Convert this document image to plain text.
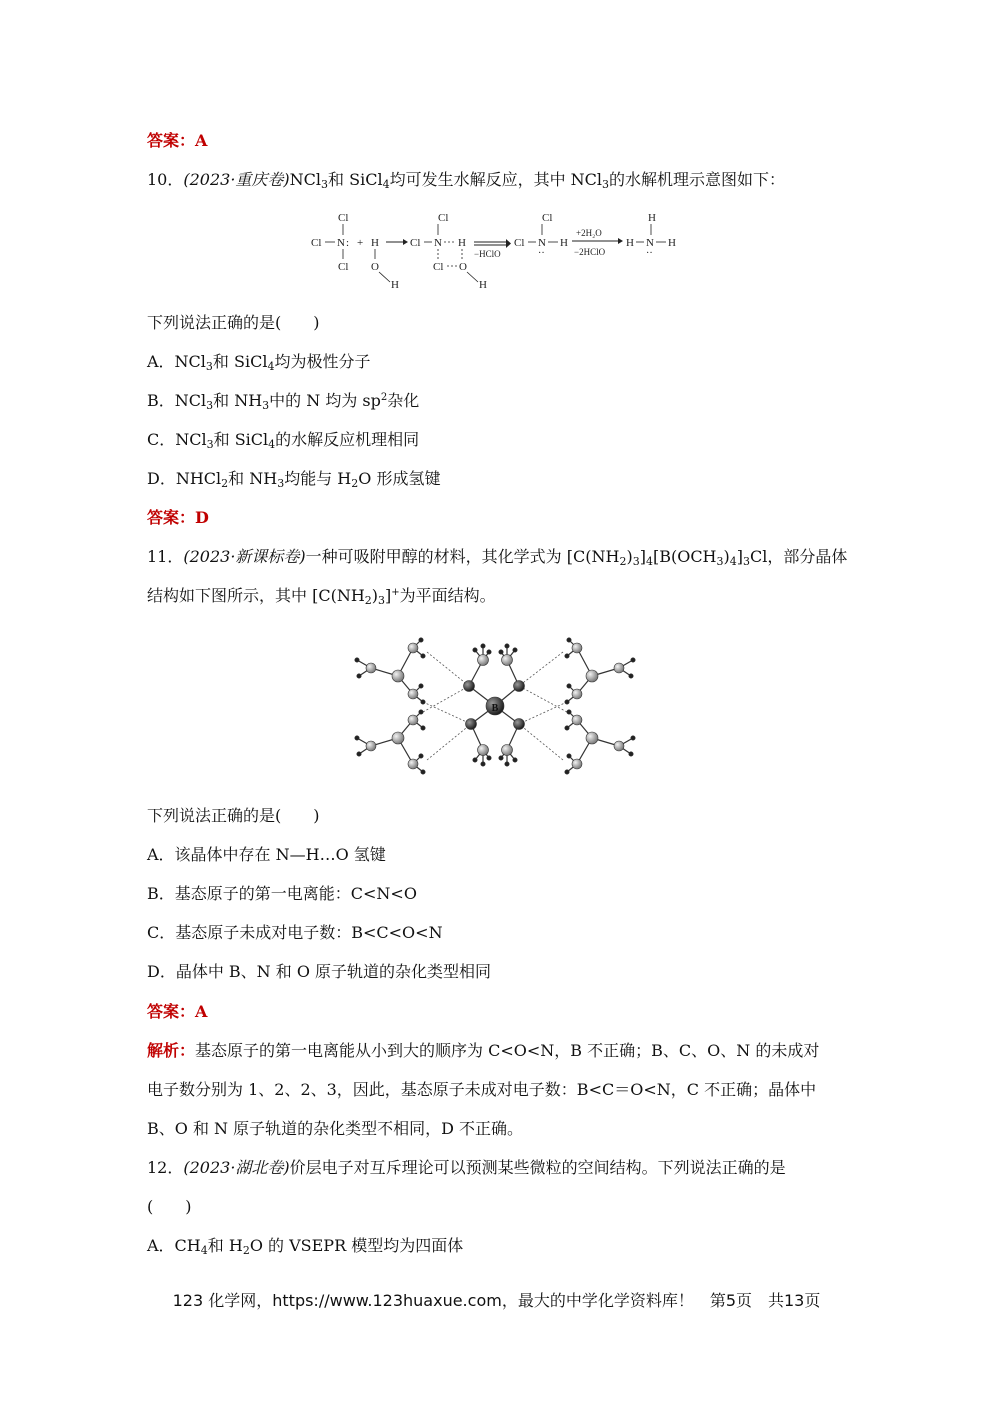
答案：A
10．(2023·重庆卷)NCl$_3$和 SiCl$_4$均可发生水解反应，其中 NCl$_3$的水解机理示意图如下：
Cl
Cl N :
Cl
+ H
O
H
Cl N
Cl
H
Cl O
H
−HClO
Cl N
Cl
H
··
+2H₂O
−2HClO
H N
H
H
··
下列说法正确的是(　　)
A．NCl$_3$和 SiCl$_4$均为极性分子
B．NCl$_3$和 $NH_3$中的 N 均为 $sp^2$杂化
C．NCl$_3$和 SiCl$_4$的水解反应机理相同
D．NHCl$_2$和 $NH_3$均能与 $H_2O$ 形成氢键
答案：D
11．(2023·新课标卷)一种可吸附甲醇的材料，其化学式为 $[C(NH_2)_3]_4[B(OCH_3)_4]_3Cl$，部分晶体
结构如下图所示，其中 $[C(NH_2)_3]^+$为平面结构。
B
下列说法正确的是(　　)
A．该晶体中存在 N—H…O 氢键
B．基态原子的第一电离能：C<N<O
C．基态原子未成对电子数：B<C<O<N
D．晶体中 B、N 和 O 原子轨道的杂化类型相同
答案：A
解析：基态原子的第一电离能从小到大的顺序为 C<O<N，B 不正确；B、C、O、N 的未成对
电子数分别为 1、2、2、3，因此，基态原子未成对电子数：B<C＝O<N，C 不正确；晶体中
B、O 和 N 原子轨道的杂化类型不相同，D 不正确。
12．(2023·湖北卷)价层电子对互斥理论可以预测某些微粒的空间结构。下列说法正确的是
(　　)
A．$CH_4$和 $H_2O$ 的 VSEPR 模型均为四面体
123 化学网，https://www.123huaxue.com，最大的中学化学资料库！　第5页　共13页
